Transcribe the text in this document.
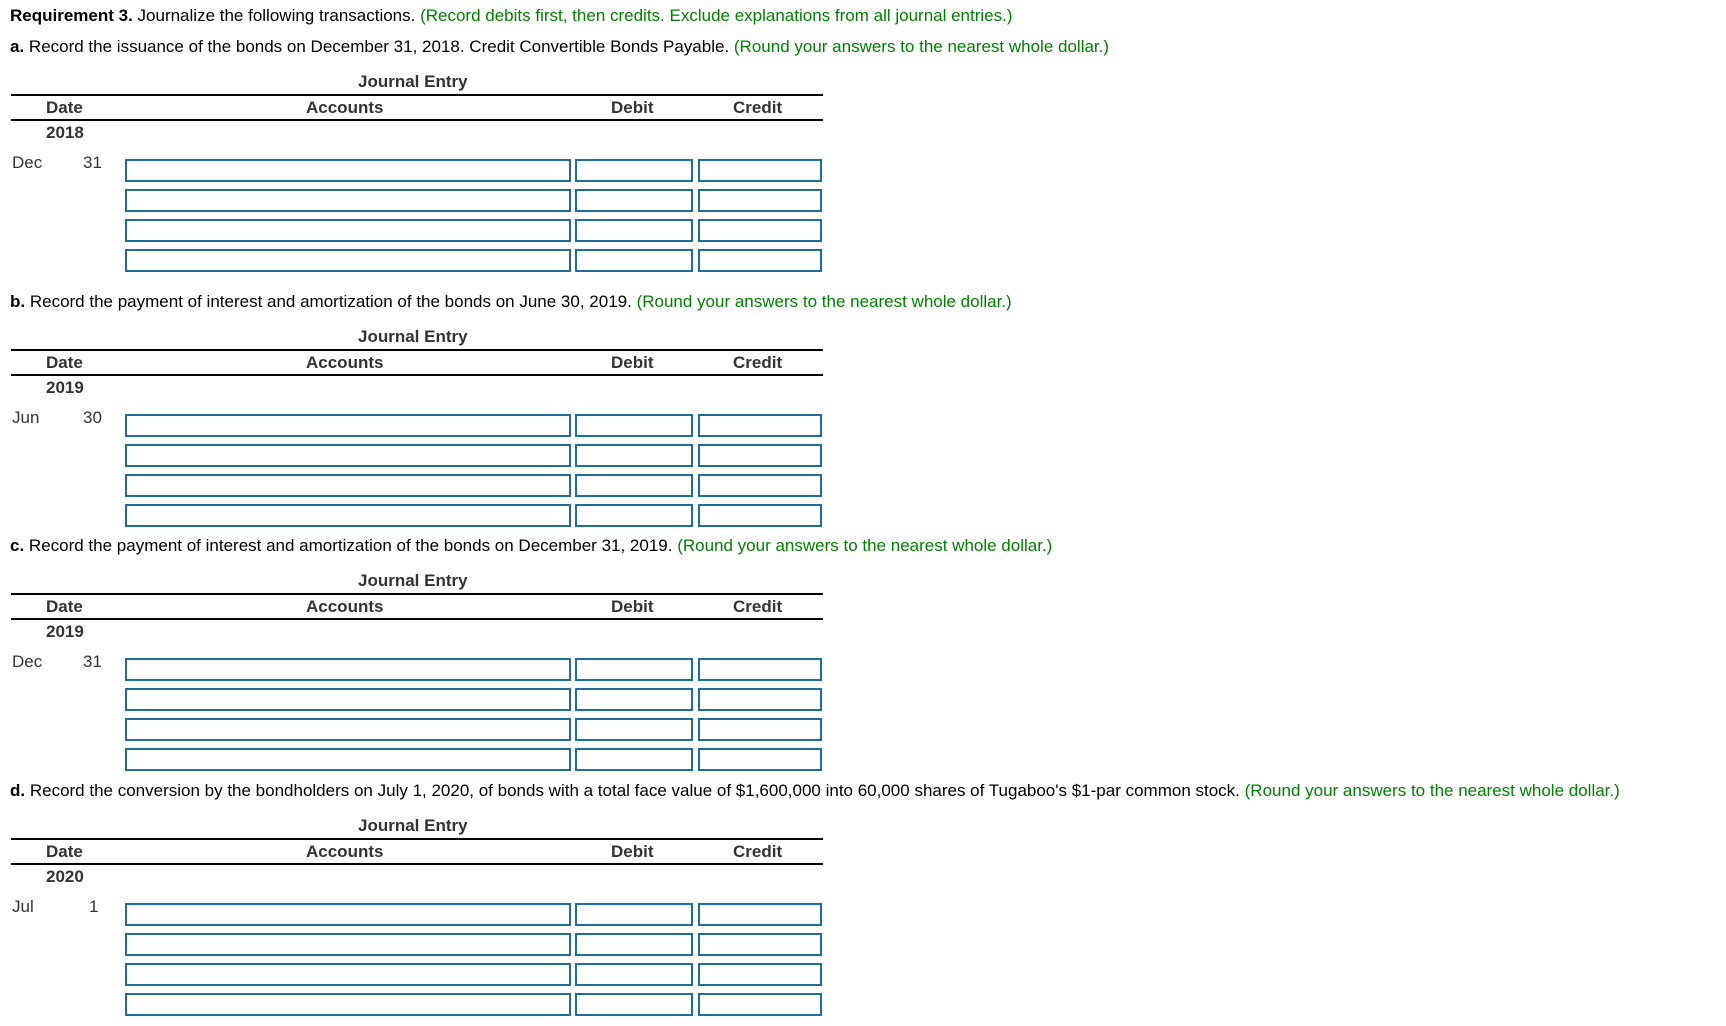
Requirement 3. Journalize the following transactions. (Record debits first, then credits. Exclude explanations from all journal entries.)
a. Record the issuance of the bonds on December 31, 2018. Credit Convertible Bonds Payable. (Round your answers to the nearest whole dollar.)
Journal Entry
Date	Accounts	Debit	Credit
2018
Dec 31
b. Record the payment of interest and amortization of the bonds on June 30, 2019. (Round your answers to the nearest whole dollar.)
Journal Entry
Date	Accounts	Debit	Credit
2019
Jun	30
c. Record the payment of interest and amortization of the bonds on December 31, 2019. (Round your answers to the nearest whole dollar.)
Journal Entry
Date	Accounts	Debit	Credit
2019
Dec 31
d. Record the conversion by the bondholders on July 1, 2020, of bonds with a total face value of $1,600,000 into 60,000 shares of Tugaboo's $1-par common stock. (Round your answers to the nearest whole dollar.)
Journal Entry
Date	Accounts	Debit	Credit
2020
Jul	1
